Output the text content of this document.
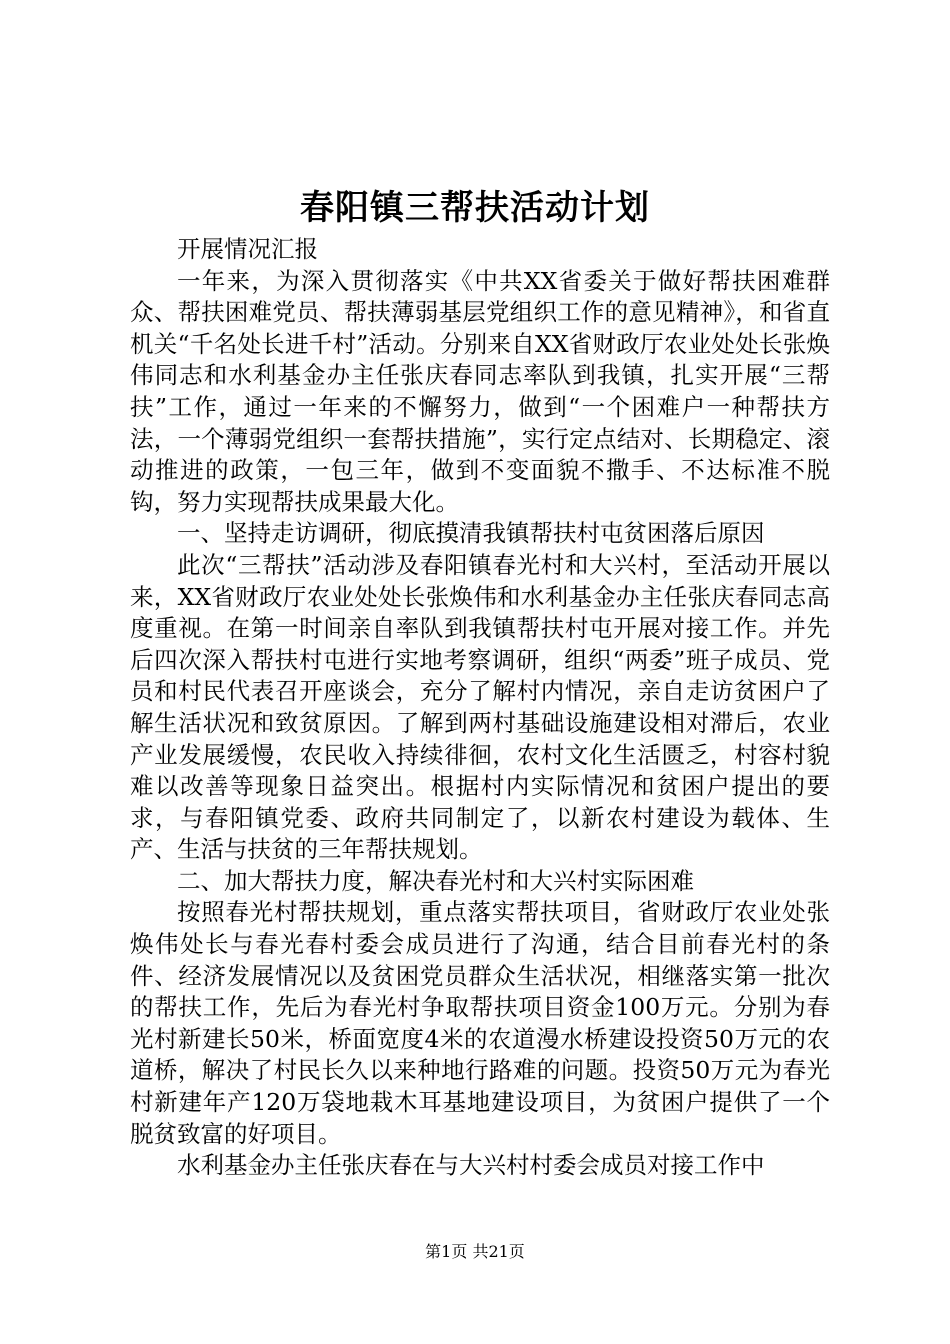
春阳镇三帮扶活动计划

开展情况汇报

一年来，为深入贯彻落实《中共XX省委关于做好帮扶困难群众、帮扶困难党员、帮扶薄弱基层党组织工作的意见精神》，和省直机关“千名处长进千村”活动。分别来自XX省财政厅农业处处长张焕伟同志和水利基金办主任张庆春同志率队到我镇，扎实开展“三帮扶”工作，通过一年来的不懈努力，做到“一个困难户一种帮扶方法，一个薄弱党组织一套帮扶措施”，实行定点结对、长期稳定、滚动推进的政策，一包三年，做到不变面貌不撒手、不达标准不脱钩，努力实现帮扶成果最大化。

一、坚持走访调研，彻底摸清我镇帮扶村屯贫困落后原因

此次“三帮扶”活动涉及春阳镇春光村和大兴村，至活动开展以来，XX省财政厅农业处处长张焕伟和水利基金办主任张庆春同志高度重视。在第一时间亲自率队到我镇帮扶村屯开展对接工作。并先后四次深入帮扶村屯进行实地考察调研，组织“两委”班子成员、党员和村民代表召开座谈会，充分了解村内情况，亲自走访贫困户了解生活状况和致贫原因。了解到两村基础设施建设相对滞后，农业产业发展缓慢，农民收入持续徘徊，农村文化生活匮乏，村容村貌难以改善等现象日益突出。根据村内实际情况和贫困户提出的要求，与春阳镇党委、政府共同制定了，以新农村建设为载体、生产、生活与扶贫的三年帮扶规划。

二、加大帮扶力度，解决春光村和大兴村实际困难

按照春光村帮扶规划，重点落实帮扶项目，省财政厅农业处张焕伟处长与春光春村委会成员进行了沟通，结合目前春光村的条件、经济发展情况以及贫困党员群众生活状况，相继落实第一批次的帮扶工作，先后为春光村争取帮扶项目资金100万元。分别为春光村新建长50米，桥面宽度4米的农道漫水桥建设投资50万元的农道桥，解决了村民长久以来种地行路难的问题。投资50万元为春光村新建年产120万袋地栽木耳基地建设项目，为贫困户提供了一个脱贫致富的好项目。

水利基金办主任张庆春在与大兴村村委会成员对接工作中

第1页 共21页
